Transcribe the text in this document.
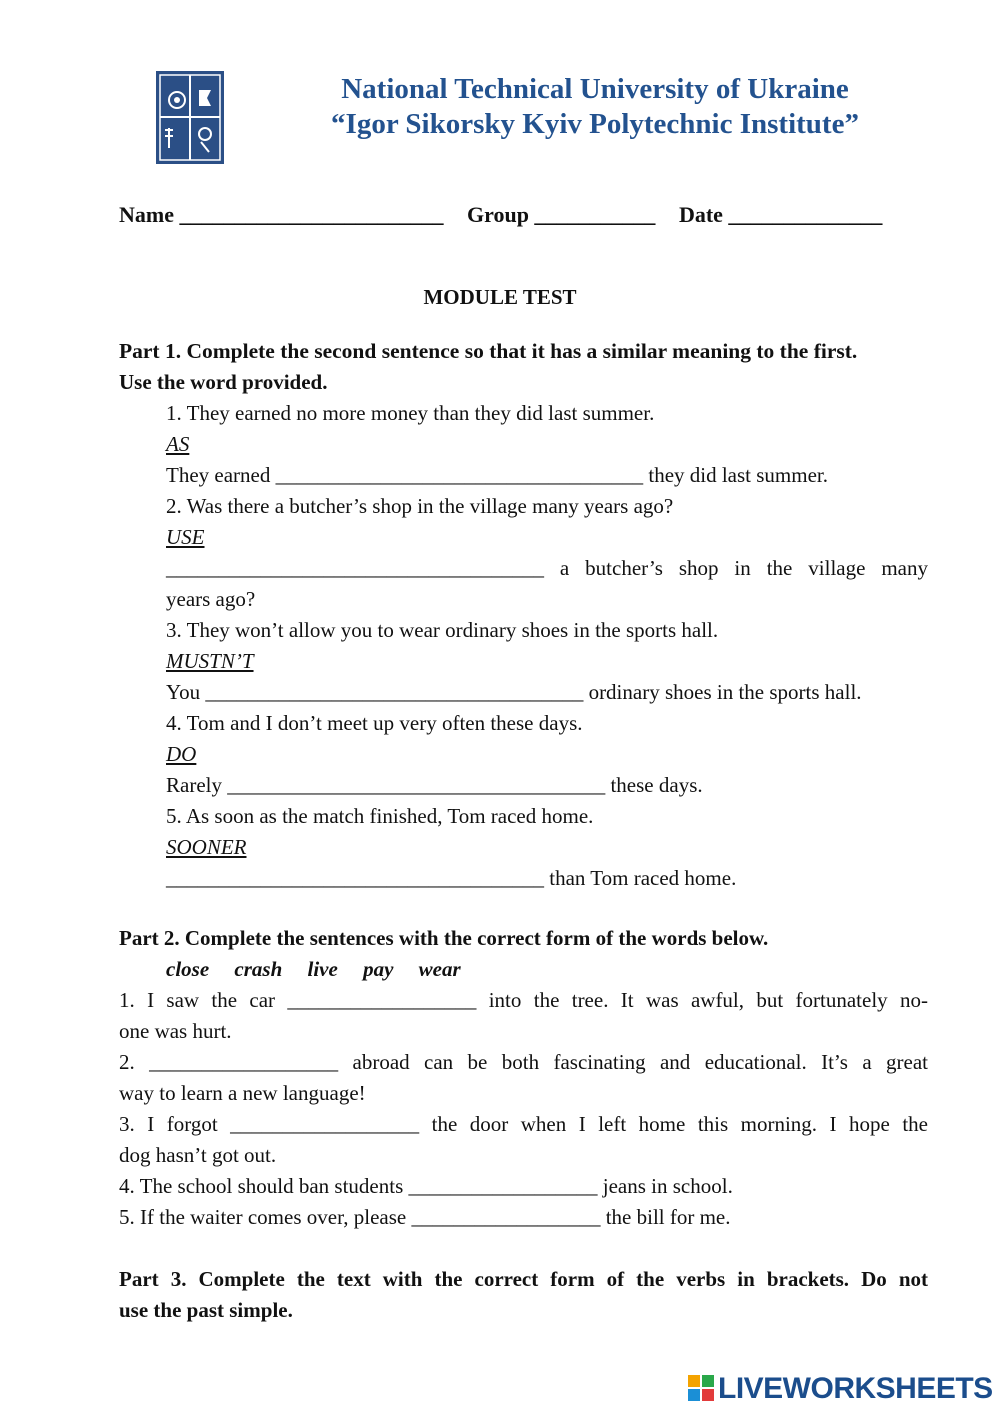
National Technical University of Ukraine
“Igor Sikorsky Kyiv Polytechnic Institute”
Name ________________________ Group ___________ Date ______________
MODULE TEST
Part 1. Complete the second sentence so that it has a similar meaning to the first.
Use the word provided.
1. They earned no more money than they did last summer.
AS
They earned ___________________________________ they did last summer.
2. Was there a butcher’s shop in the village many years ago?
USE
____________________________________ a butcher’s shop in the village many
years ago?
3. They won’t allow you to wear ordinary shoes in the sports hall.
MUSTN’T
You ____________________________________ ordinary shoes in the sports hall.
4. Tom and I don’t meet up very often these days.
DO
Rarely ____________________________________ these days.
5. As soon as the match finished, Tom raced home.
SOONER
____________________________________ than Tom raced home.
Part 2. Complete the sentences with the correct form of the words below.
close crash live pay wear
1. I saw the car __________________ into the tree. It was awful, but fortunately no-
one was hurt.
2. __________________ abroad can be both fascinating and educational. It’s a great
way to learn a new language!
3. I forgot __________________ the door when I left home this morning. I hope the
dog hasn’t got out.
4. The school should ban students __________________ jeans in school.
5. If the waiter comes over, please __________________ the bill for me.
Part 3. Complete the text with the correct form of the verbs in brackets. Do not
use the past simple.
LIVEWORKSHEETS
